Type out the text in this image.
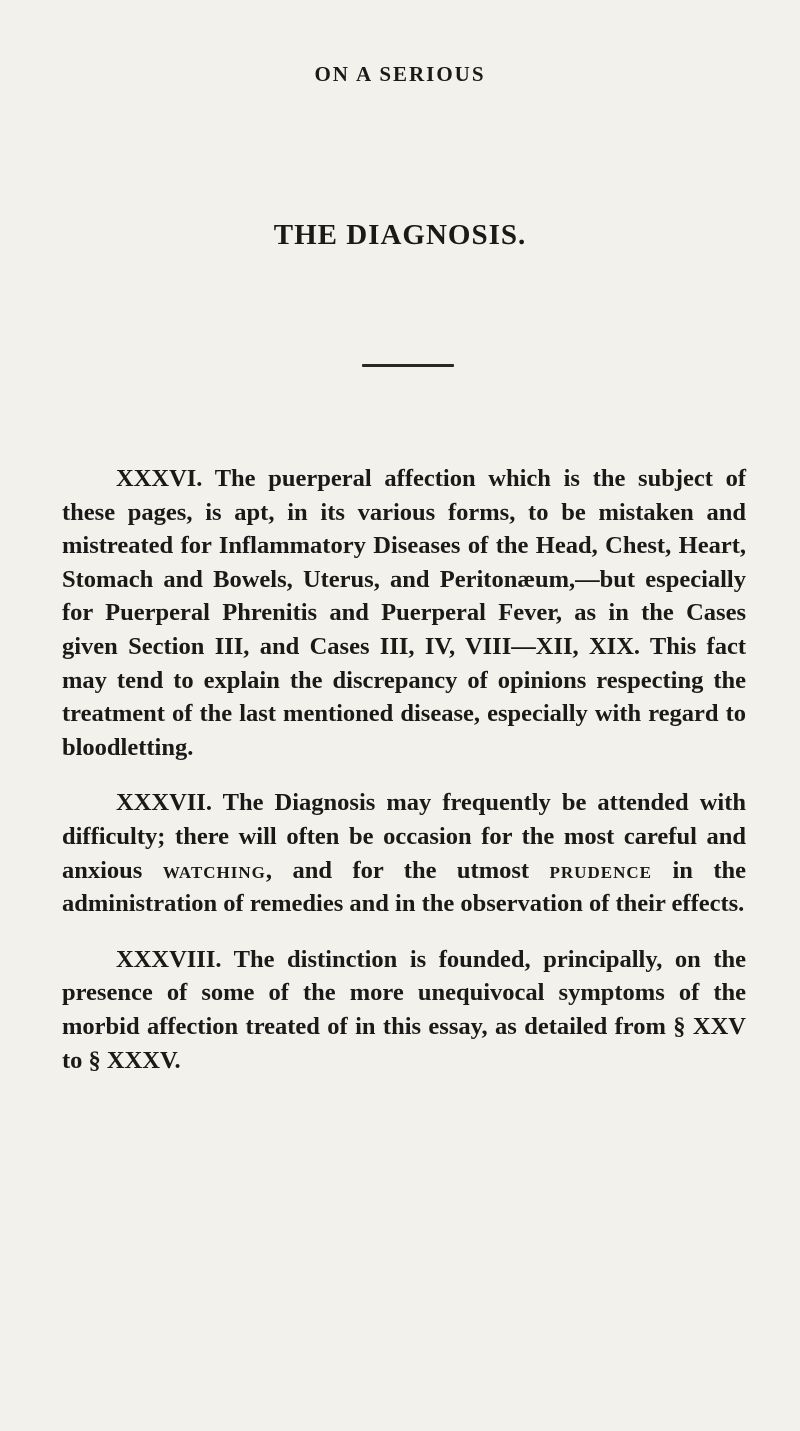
ON A SERIOUS
THE DIAGNOSIS.

XXXVI. The puerperal affection which is the subject of these pages, is apt, in its various forms, to be mistaken and mistreated for Inflammatory Diseases of the Head, Chest, Heart, Stomach and Bowels, Uterus, and Peritonæum,—but especially for Puerperal Phrenitis and Puerperal Fever, as in the Cases given Section III, and Cases III, IV, VIII—XII, XIX. This fact may tend to explain the discrepancy of opinions respecting the treatment of the last mentioned disease, especially with regard to bloodletting.

XXXVII. The Diagnosis may frequently be attended with difficulty; there will often be occasion for the most careful and anxious watching, and for the utmost prudence in the administration of remedies and in the observation of their effects.

XXXVIII. The distinction is founded, principally, on the presence of some of the more unequivocal symptoms of the morbid affection treated of in this essay, as detailed from § XXV to § XXXV.
